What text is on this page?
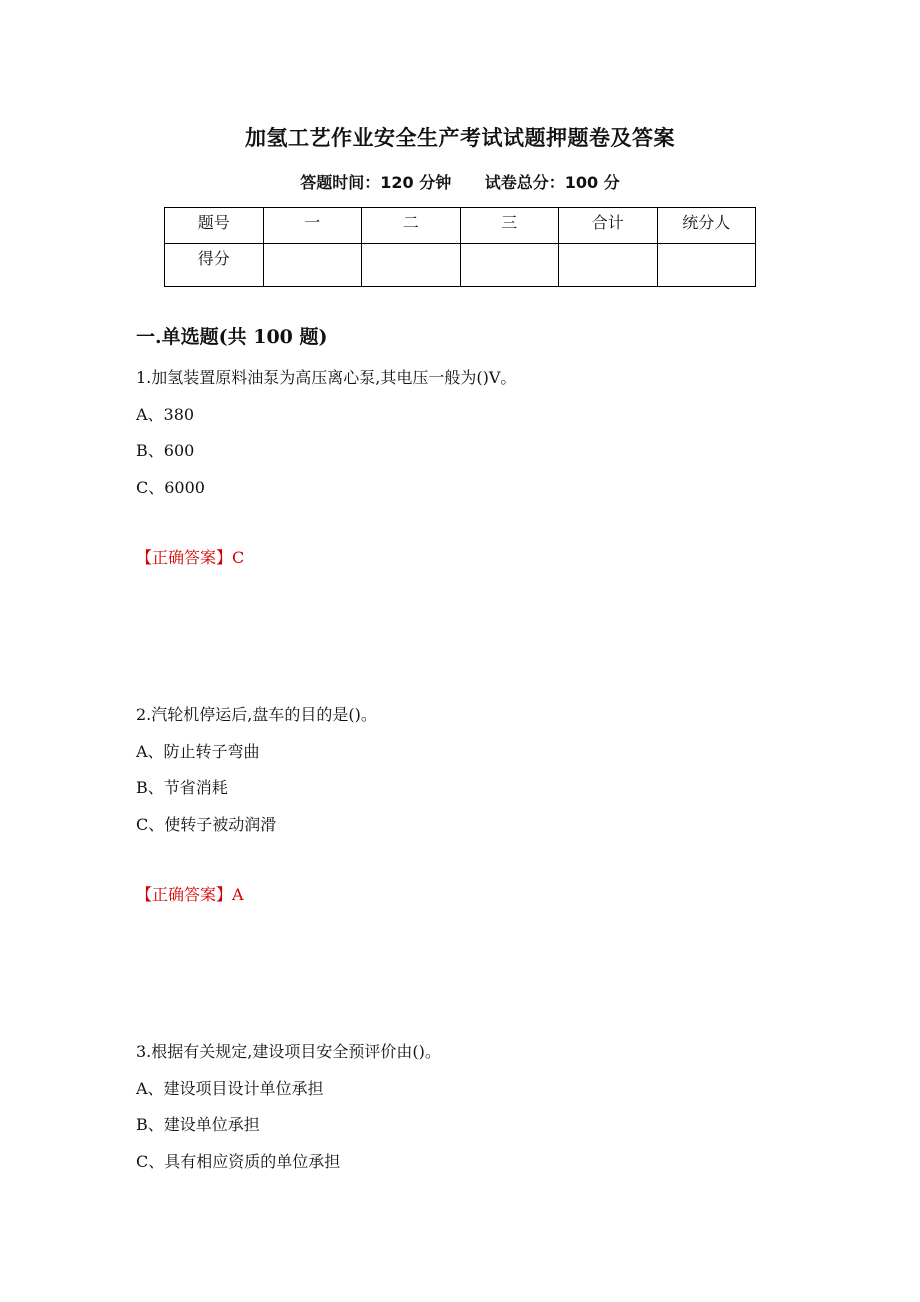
加氢工艺作业安全生产考试试题押题卷及答案
答题时间：120 分钟 试卷总分：100 分
题号	一	二	三	合计	统分人
得分					
一.单选题(共 100 题)
1.加氢装置原料油泵为高压离心泵,其电压一般为()V。
A、380
B、600
C、6000
【正确答案】C
2.汽轮机停运后,盘车的目的是()。
A、防止转子弯曲
B、节省消耗
C、使转子被动润滑
【正确答案】A
3.根据有关规定,建设项目安全预评价由()。
A、建设项目设计单位承担
B、建设单位承担
C、具有相应资质的单位承担
